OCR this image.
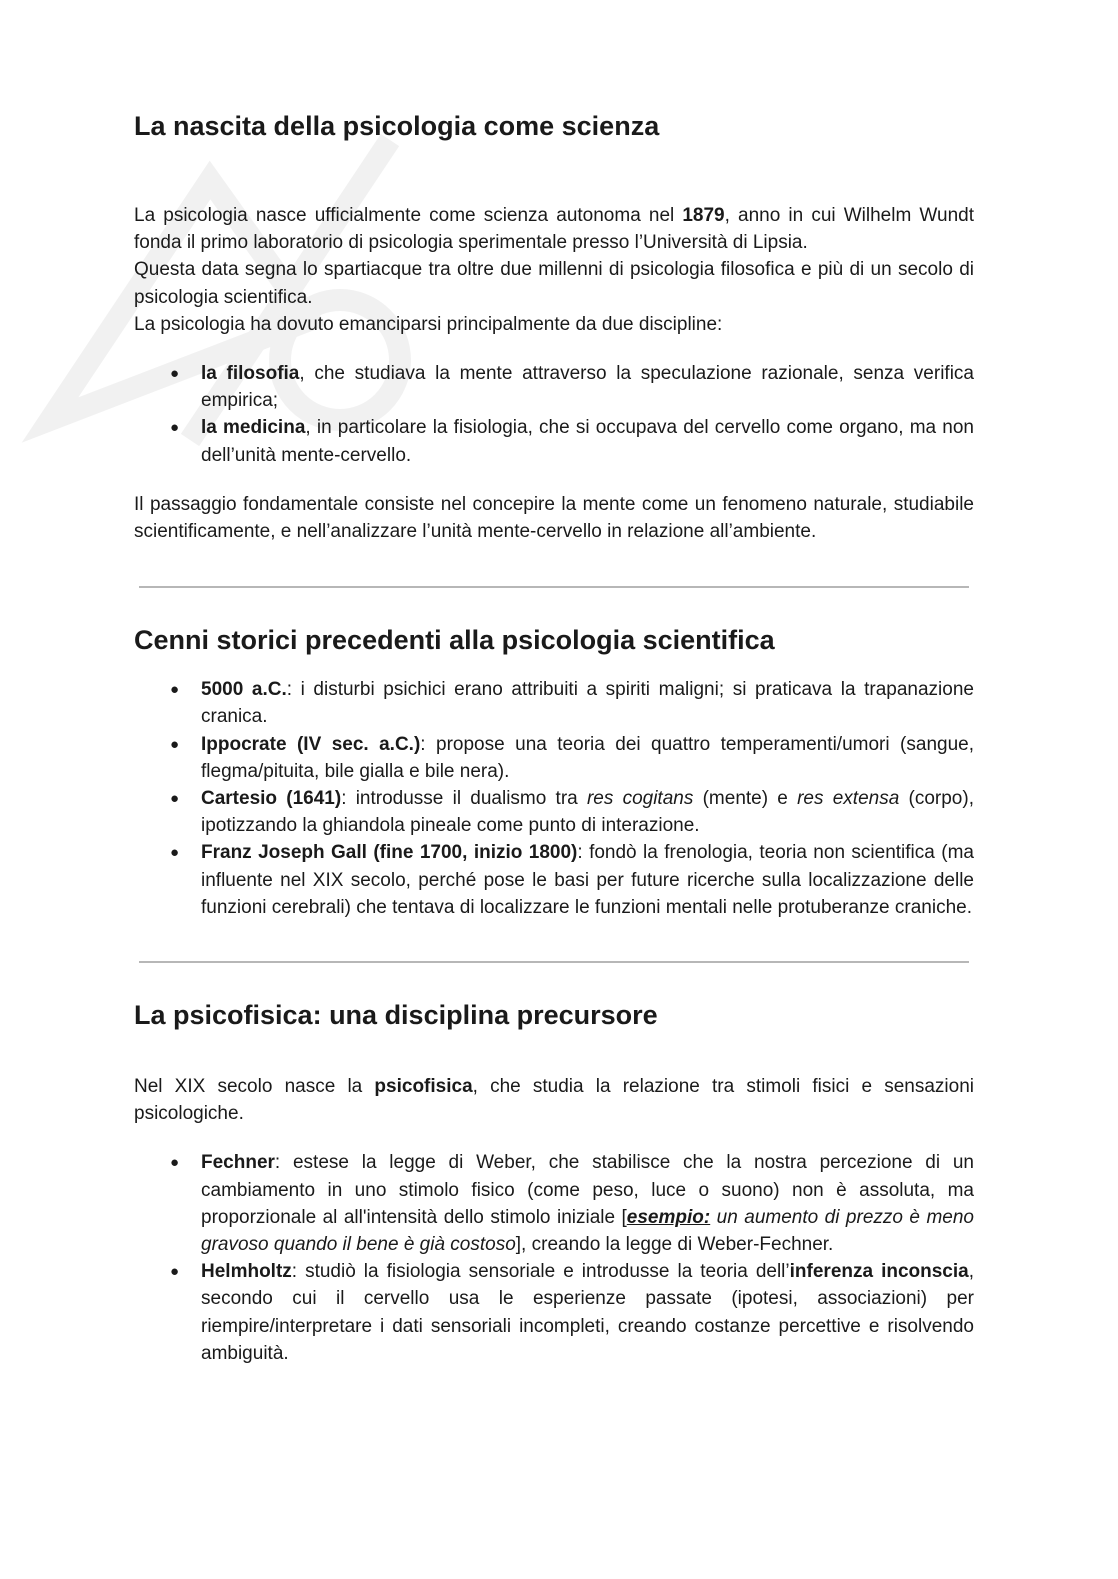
La nascita della psicologia come scienza

La psicologia nasce ufficialmente come scienza autonoma nel 1879, anno in cui Wilhelm Wundt fonda il primo laboratorio di psicologia sperimentale presso l’Università di Lipsia.

Questa data segna lo spartiacque tra oltre due millenni di psicologia filosofica e più di un secolo di psicologia scientifica.

La psicologia ha dovuto emanciparsi principalmente da due discipline:

● la filosofia, che studiava la mente attraverso la speculazione razionale, senza verifica empirica;
● la medicina, in particolare la fisiologia, che si occupava del cervello come organo, ma non dell’unità mente-cervello.

Il passaggio fondamentale consiste nel concepire la mente come un fenomeno naturale, studiabile scientificamente, e nell’analizzare l’unità mente-cervello in relazione all’ambiente.

Cenni storici precedenti alla psicologia scientifica
● 5000 a.C.: i disturbi psichici erano attribuiti a spiriti maligni; si praticava la trapanazione cranica.
● Ippocrate (IV sec. a.C.): propose una teoria dei quattro temperamenti/umori (sangue, flegma/pituita, bile gialla e bile nera).
● Cartesio (1641): introdusse il dualismo tra res cogitans (mente) e res extensa (corpo), ipotizzando la ghiandola pineale come punto di interazione.
● Franz Joseph Gall (fine 1700, inizio 1800): fondò la frenologia, teoria non scientifica (ma influente nel XIX secolo, perché pose le basi per future ricerche sulla localizzazione delle funzioni cerebrali) che tentava di localizzare le funzioni mentali nelle protuberanze craniche.
La psicofisica: una disciplina precursore

Nel XIX secolo nasce la psicofisica, che studia la relazione tra stimoli fisici e sensazioni psicologiche.

● Fechner: estese la legge di Weber, che stabilisce che la nostra percezione di un cambiamento in uno stimolo fisico (come peso, luce o suono) non è assoluta, ma proporzionale al all'intensità dello stimolo iniziale [esempio: un aumento di prezzo è meno gravoso quando il bene è già costoso], creando la legge di Weber-Fechner.
● Helmholtz: studiò la fisiologia sensoriale e introdusse la teoria dell’inferenza inconscia, secondo cui il cervello usa le esperienze passate (ipotesi, associazioni) per riempire/interpretare i dati sensoriali incompleti, creando costanze percettive e risolvendo ambiguità.
